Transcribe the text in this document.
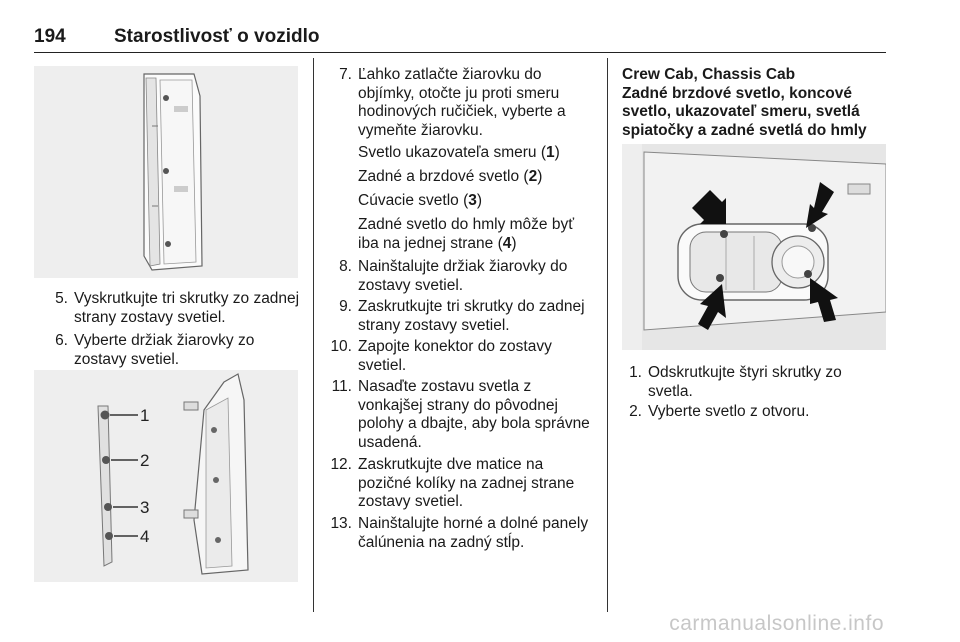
194	Starostlivosť o vozidlo
5. Vyskrutkujte tri skrutky zo zadnej
strany zostavy svetiel.
6. Vyberte držiak žiarovky zo
zostavy svetiel.
1
2
3
4
7. Ľahko zatlačte žiarovku do
objímky, otočte ju proti smeru
hodinových ručičiek, vyberte a
vymeňte žiarovku.
Svetlo ukazovateľa smeru (1)
Zadné a brzdové svetlo (2)
Cúvacie svetlo (3)
Zadné svetlo do hmly môže byť
iba na jednej strane (4)
8. Nainštalujte držiak žiarovky do
zostavy svetiel.
9. Zaskrutkujte tri skrutky do zadnej
strany zostavy svetiel.
10. Zapojte konektor do zostavy
svetiel.
11. Nasaďte zostavu svetla z
vonkajšej strany do pôvodnej
polohy a dbajte, aby bola správne
usadená.
12. Zaskrutkujte dve matice na
pozičné kolíky na zadnej strane
zostavy svetiel.
13. Nainštalujte horné a dolné panely
čalúnenia na zadný stĺp.
Crew Cab, Chassis Cab
Zadné brzdové svetlo, koncové
svetlo, ukazovateľ smeru, svetlá
spiatočky a zadné svetlá do hmly
1. Odskrutkujte štyri skrutky zo
svetla.
2. Vyberte svetlo z otvoru.
carmanualsonline.info
